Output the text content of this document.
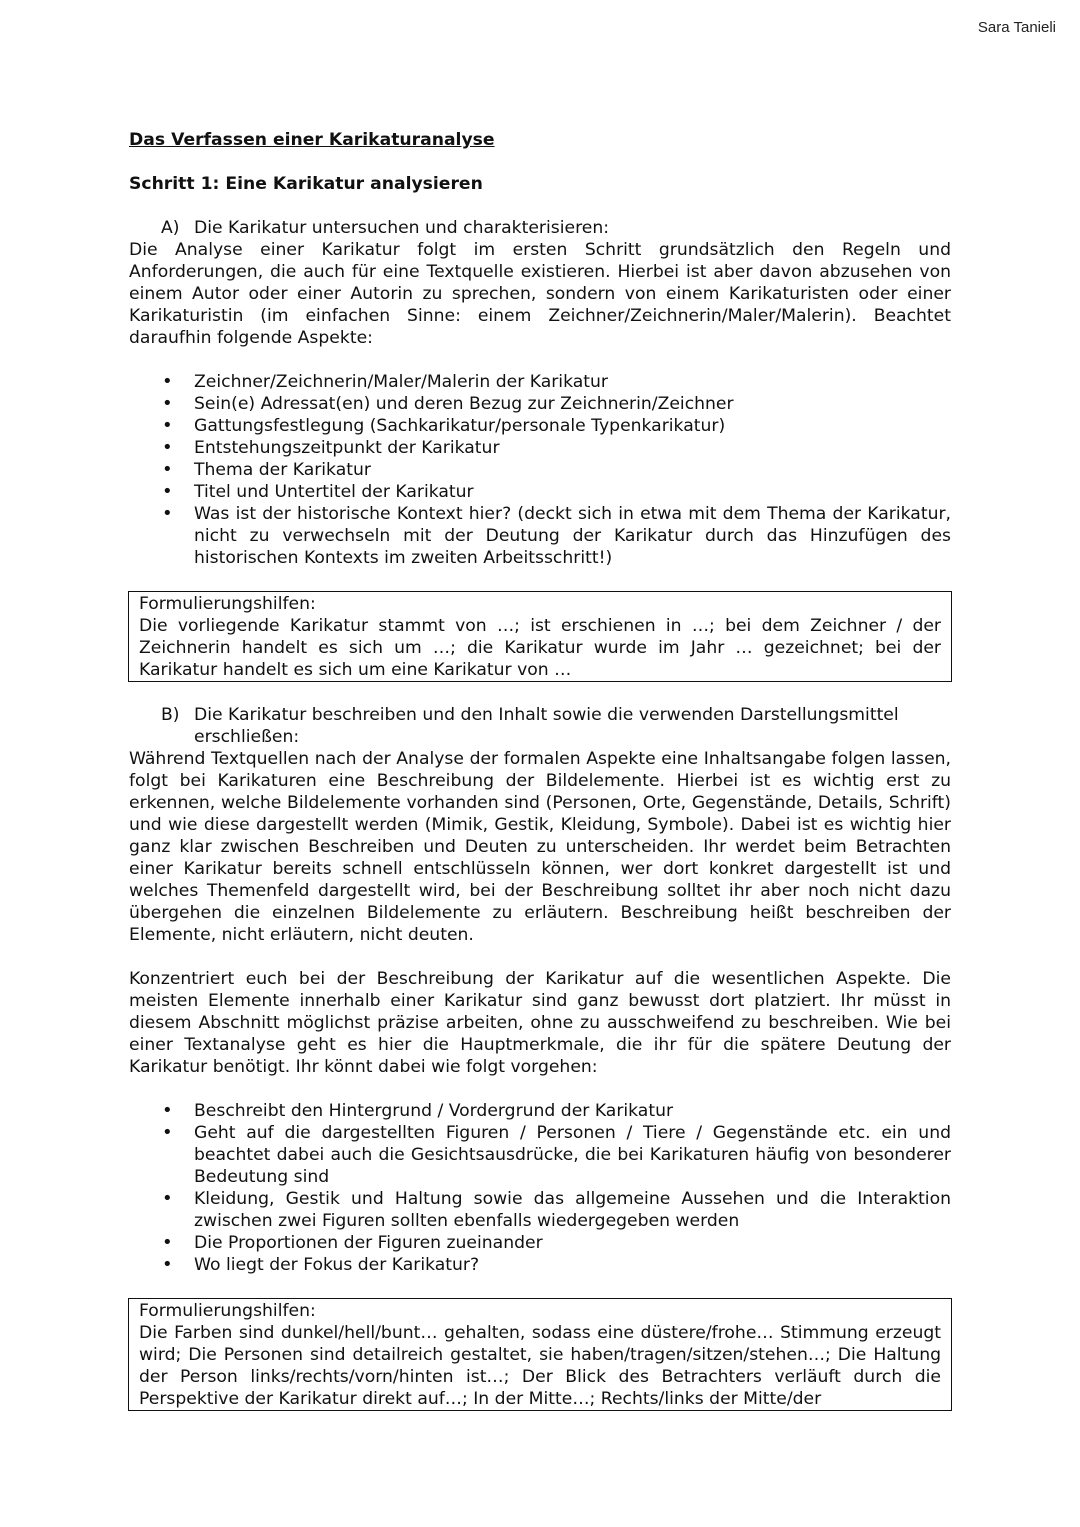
Sara Tanieli
Das Verfassen einer Karikaturanalyse
Schritt 1: Eine Karikatur analysieren
A) Die Karikatur untersuchen und charakterisieren:

Die Analyse einer Karikatur folgt im ersten Schritt grundsätzlich den Regeln und Anforderungen, die auch für eine Textquelle existieren. Hierbei ist aber davon abzusehen von einem Autor oder einer Autorin zu sprechen, sondern von einem Karikaturisten oder einer Karikaturistin (im einfachen Sinne: einem Zeichner/Zeichnerin/Maler/Malerin). Beachtet daraufhin folgende Aspekte:

• Zeichner/Zeichnerin/Maler/Malerin der Karikatur
• Sein(e) Adressat(en) und deren Bezug zur Zeichnerin/Zeichner
• Gattungsfestlegung (Sachkarikatur/personale Typenkarikatur)
• Entstehungszeitpunkt der Karikatur
• Thema der Karikatur
• Titel und Untertitel der Karikatur
• Was ist der historische Kontext hier? (deckt sich in etwa mit dem Thema der Karikatur, nicht zu verwechseln mit der Deutung der Karikatur durch das Hinzufügen des historischen Kontexts im zweiten Arbeitsschritt!)
Formulierungshilfen:

Die vorliegende Karikatur stammt von …; ist erschienen in …; bei dem Zeichner / der Zeichnerin handelt es sich um …; die Karikatur wurde im Jahr … gezeichnet; bei der Karikatur handelt es sich um eine Karikatur von …

B) Die Karikatur beschreiben und den Inhalt sowie die verwenden Darstellungsmittel erschließen:

Während Textquellen nach der Analyse der formalen Aspekte eine Inhaltsangabe folgen lassen, folgt bei Karikaturen eine Beschreibung der Bildelemente. Hierbei ist es wichtig erst zu erkennen, welche Bildelemente vorhanden sind (Personen, Orte, Gegenstände, Details, Schrift) und wie diese dargestellt werden (Mimik, Gestik, Kleidung, Symbole). Dabei ist es wichtig hier ganz klar zwischen Beschreiben und Deuten zu unterscheiden. Ihr werdet beim Betrachten einer Karikatur bereits schnell entschlüsseln können, wer dort konkret dargestellt ist und welches Themenfeld dargestellt wird, bei der Beschreibung solltet ihr aber noch nicht dazu übergehen die einzelnen Bildelemente zu erläutern. Beschreibung heißt beschreiben der Elemente, nicht erläutern, nicht deuten.

Konzentriert euch bei der Beschreibung der Karikatur auf die wesentlichen Aspekte. Die meisten Elemente innerhalb einer Karikatur sind ganz bewusst dort platziert. Ihr müsst in diesem Abschnitt möglichst präzise arbeiten, ohne zu ausschweifend zu beschreiben. Wie bei einer Textanalyse geht es hier die Hauptmerkmale, die ihr für die spätere Deutung der Karikatur benötigt. Ihr könnt dabei wie folgt vorgehen:

• Beschreibt den Hintergrund / Vordergrund der Karikatur
• Geht auf die dargestellten Figuren / Personen / Tiere / Gegenstände etc. ein und beachtet dabei auch die Gesichtsausdrücke, die bei Karikaturen häufig von besonderer Bedeutung sind
• Kleidung, Gestik und Haltung sowie das allgemeine Aussehen und die Interaktion zwischen zwei Figuren sollten ebenfalls wiedergegeben werden
• Die Proportionen der Figuren zueinander
• Wo liegt der Fokus der Karikatur?
Formulierungshilfen:

Die Farben sind dunkel/hell/bunt… gehalten, sodass eine düstere/frohe… Stimmung erzeugt wird; Die Personen sind detailreich gestaltet, sie haben/tragen/sitzen/stehen…; Die Haltung der Person links/rechts/vorn/hinten ist…; Der Blick des Betrachters verläuft durch die Perspektive der Karikatur direkt auf…; In der Mitte…; Rechts/links der Mitte/der
